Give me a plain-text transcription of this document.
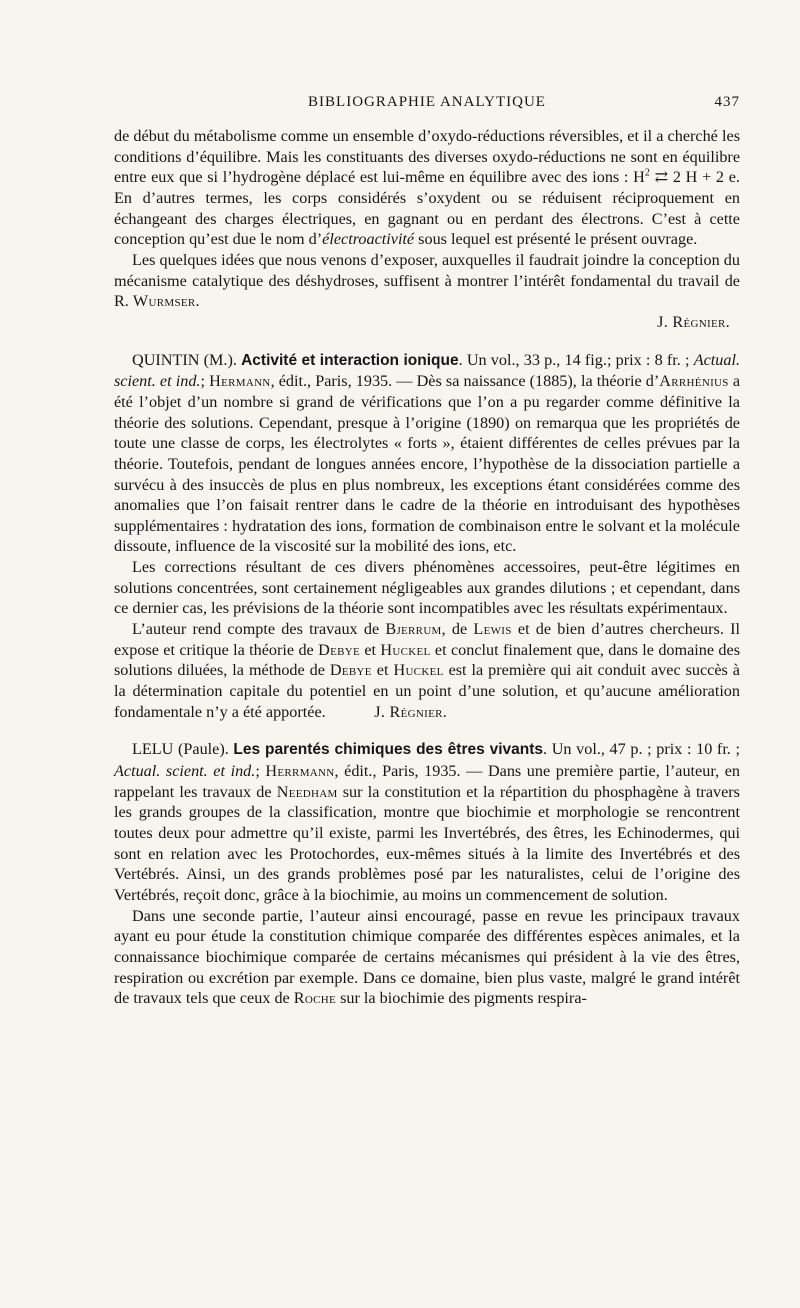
BIBLIOGRAPHIE ANALYTIQUE	437

de début du métabolisme comme un ensemble d’oxydo-réductions réversibles, et il a cherché les conditions d’équilibre. Mais les constituants des diverses oxydo-réductions ne sont en équilibre entre eux que si l’hydrogène déplacé est lui-même en équilibre avec des ions : $H^2$ ⇄ 2 H + 2 e. En d’autres termes, les corps considérés s’oxydent ou se réduisent réciproquement en échangeant des charges électriques, en gagnant ou en perdant des électrons. C’est à cette conception qu’est due le nom d’électroactivité sous lequel est présenté le présent ouvrage.

Les quelques idées que nous venons d’exposer, auxquelles il faudrait joindre la conception du mécanisme catalytique des déshydroses, suffisent à montrer l’intérêt fondamental du travail de R. Wurmser.

J. Régnier.

QUINTIN (M.). Activité et interaction ionique. Un vol., 33 p., 14 fig.; prix : 8 fr. ; Actual. scient. et ind.; Hermann, édit., Paris, 1935. — Dès sa naissance (1885), la théorie d’Arrhénius a été l’objet d’un nombre si grand de vérifications que l’on a pu regarder comme définitive la théorie des solutions. Cependant, presque à l’origine (1890) on remarqua que les propriétés de toute une classe de corps, les électrolytes « forts », étaient différentes de celles prévues par la théorie. Toutefois, pendant de longues années encore, l’hypothèse de la dissociation partielle a survécu à des insuccès de plus en plus nombreux, les exceptions étant considérées comme des anomalies que l’on faisait rentrer dans le cadre de la théorie en introduisant des hypothèses supplémentaires : hydratation des ions, formation de combinaison entre le solvant et la molécule dissoute, influence de la viscosité sur la mobilité des ions, etc.

Les corrections résultant de ces divers phénomènes accessoires, peut-être légitimes en solutions concentrées, sont certainement négligeables aux grandes dilutions ; et cependant, dans ce dernier cas, les prévisions de la théorie sont incompatibles avec les résultats expérimentaux.

L’auteur rend compte des travaux de Bjerrum, de Lewis et de bien d’autres chercheurs. Il expose et critique la théorie de Debye et Huckel et conclut finalement que, dans le domaine des solutions diluées, la méthode de Debye et Huckel est la première qui ait conduit avec succès à la détermination capitale du potentiel en un point d’une solution, et qu’aucune amélioration fondamentale n’y a été apportée.	J. Régnier.

LELU (Paule). Les parentés chimiques des êtres vivants. Un vol., 47 p. ; prix : 10 fr. ; Actual. scient. et ind.; Herrmann, édit., Paris, 1935. — Dans une première partie, l’auteur, en rappelant les travaux de Needham sur la constitution et la répartition du phosphagène à travers les grands groupes de la classification, montre que biochimie et morphologie se rencontrent toutes deux pour admettre qu’il existe, parmi les Invertébrés, des êtres, les Echinodermes, qui sont en relation avec les Protochordes, eux-mêmes situés à la limite des Invertébrés et des Vertébrés. Ainsi, un des grands problèmes posé par les naturalistes, celui de l’origine des Vertébrés, reçoit donc, grâce à la biochimie, au moins un commencement de solution.

Dans une seconde partie, l’auteur ainsi encouragé, passe en revue les principaux travaux ayant eu pour étude la constitution chimique comparée des différentes espèces animales, et la connaissance biochimique comparée de certains mécanismes qui président à la vie des êtres, respiration ou excrétion par exemple. Dans ce domaine, bien plus vaste, malgré le grand intérêt de travaux tels que ceux de Roche sur la biochimie des pigments respira-
